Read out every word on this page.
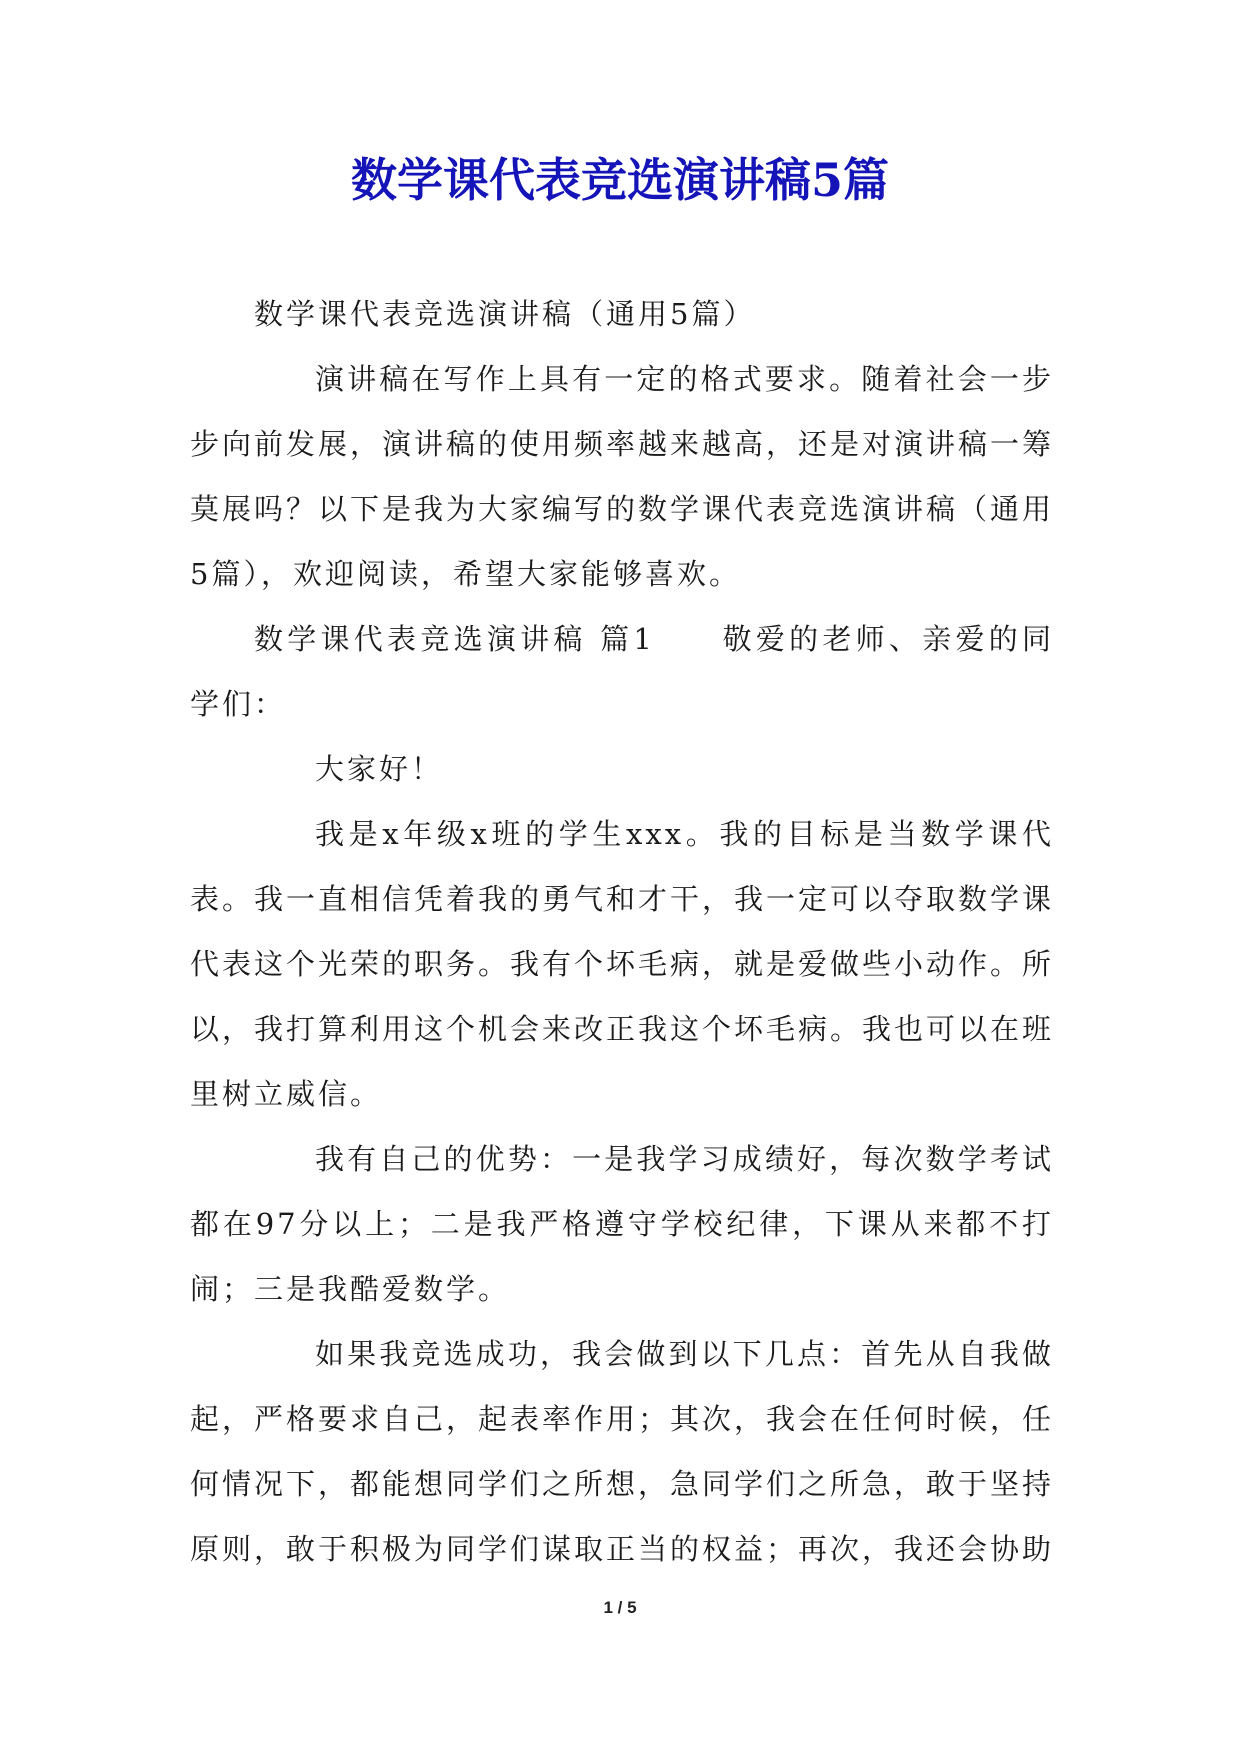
数学课代表竞选演讲稿5篇

数学课代表竞选演讲稿（通用5篇）

演讲稿在写作上具有一定的格式要求。随着社会一步步向前发展，演讲稿的使用频率越来越高，还是对演讲稿一筹莫展吗？以下是我为大家编写的数学课代表竞选演讲稿（通用5篇），欢迎阅读，希望大家能够喜欢。

数学课代表竞选演讲稿 篇1　　敬爱的老师、亲爱的同学们：

大家好！

我是x年级x班的学生xxx。我的目标是当数学课代表。我一直相信凭着我的勇气和才干，我一定可以夺取数学课代表这个光荣的职务。我有个坏毛病，就是爱做些小动作。所以，我打算利用这个机会来改正我这个坏毛病。我也可以在班里树立威信。

我有自己的优势：一是我学习成绩好，每次数学考试都在97分以上；二是我严格遵守学校纪律，下课从来都不打闹；三是我酷爱数学。

如果我竞选成功，我会做到以下几点：首先从自我做起，严格要求自己，起表率作用；其次，我会在任何时候，任何情况下，都能想同学们之所想，急同学们之所急，敢于坚持原则，敢于积极为同学们谋取正当的权益；再次，我还会协助

1 / 5
